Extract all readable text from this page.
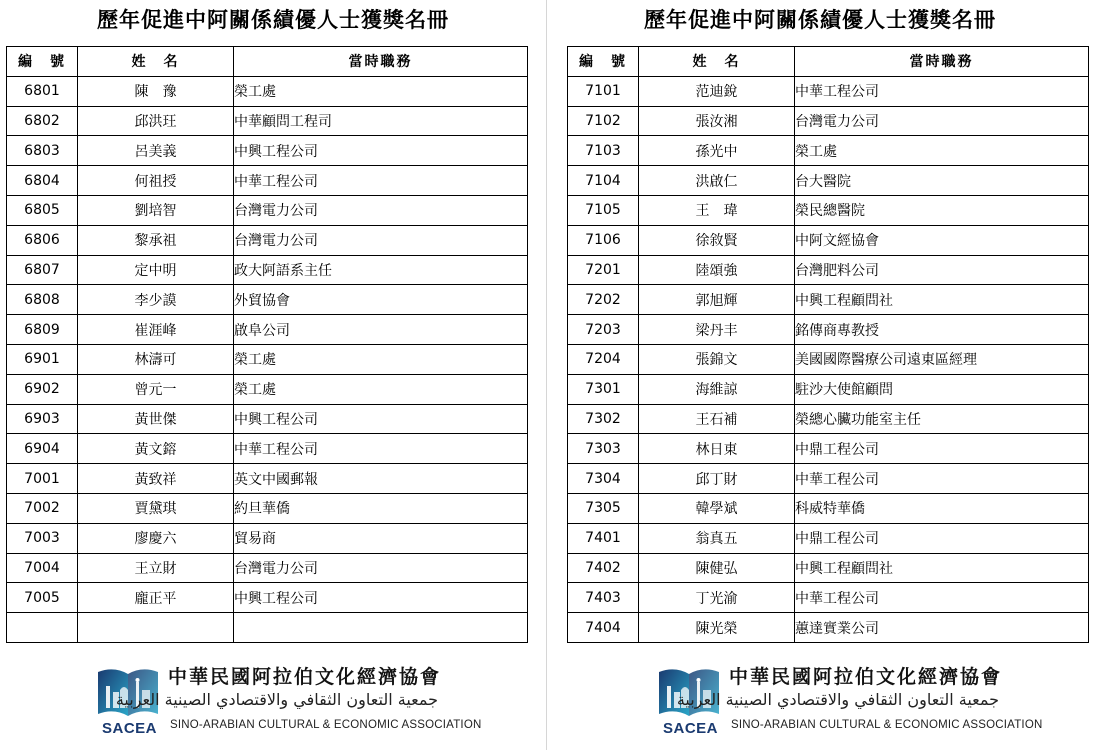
歷年促進中阿關係績優人士獲獎名冊
編　號	姓　名	當時職務
6801	陳　豫	榮工處
6802	邱洪玨	中華顧問工程司
6803	呂美義	中興工程公司
6804	何祖授	中華工程公司
6805	劉培智	台灣電力公司
6806	黎承祖	台灣電力公司
6807	定中明	政大阿語系主任
6808	李少謨	外貿協會
6809	崔涯峰	啟阜公司
6901	林濤可	榮工處
6902	曾元一	榮工處
6903	黃世傑	中興工程公司
6904	黃文鎔	中華工程公司
7001	黃致祥	英文中國郵報
7002	賈黛琪	約旦華僑
7003	廖慶六	貿易商
7004	王立財	台灣電力公司
7005	龐正平	中興工程公司

SACEA
中華民國阿拉伯文化經濟協會
جمعية التعاون الثقافي والاقتصادي الصينية العربية
SINO-ARABIAN CULTURAL & ECONOMIC ASSOCIATION
歷年促進中阿關係績優人士獲獎名冊
編　號	姓　名	當時職務
7101	范迪銳	中華工程公司
7102	張汝湘	台灣電力公司
7103	孫光中	榮工處
7104	洪啟仁	台大醫院
7105	王　瑋	榮民總醫院
7106	徐敘賢	中阿文經協會
7201	陸頌強	台灣肥料公司
7202	郭旭輝	中興工程顧問社
7203	梁丹丰	銘傳商專教授
7204	張錦文	美國國際醫療公司遠東區經理
7301	海維諒	駐沙大使館顧問
7302	王石補	榮總心臟功能室主任
7303	林日東	中鼎工程公司
7304	邱丁財	中華工程公司
7305	韓學斌	科威特華僑
7401	翁真五	中鼎工程公司
7402	陳健弘	中興工程顧問社
7403	丁光渝	中華工程公司
7404	陳光榮	蕙達實業公司
SACEA
中華民國阿拉伯文化經濟協會
جمعية التعاون الثقافي والاقتصادي الصينية العربية
SINO-ARABIAN CULTURAL & ECONOMIC ASSOCIATION
